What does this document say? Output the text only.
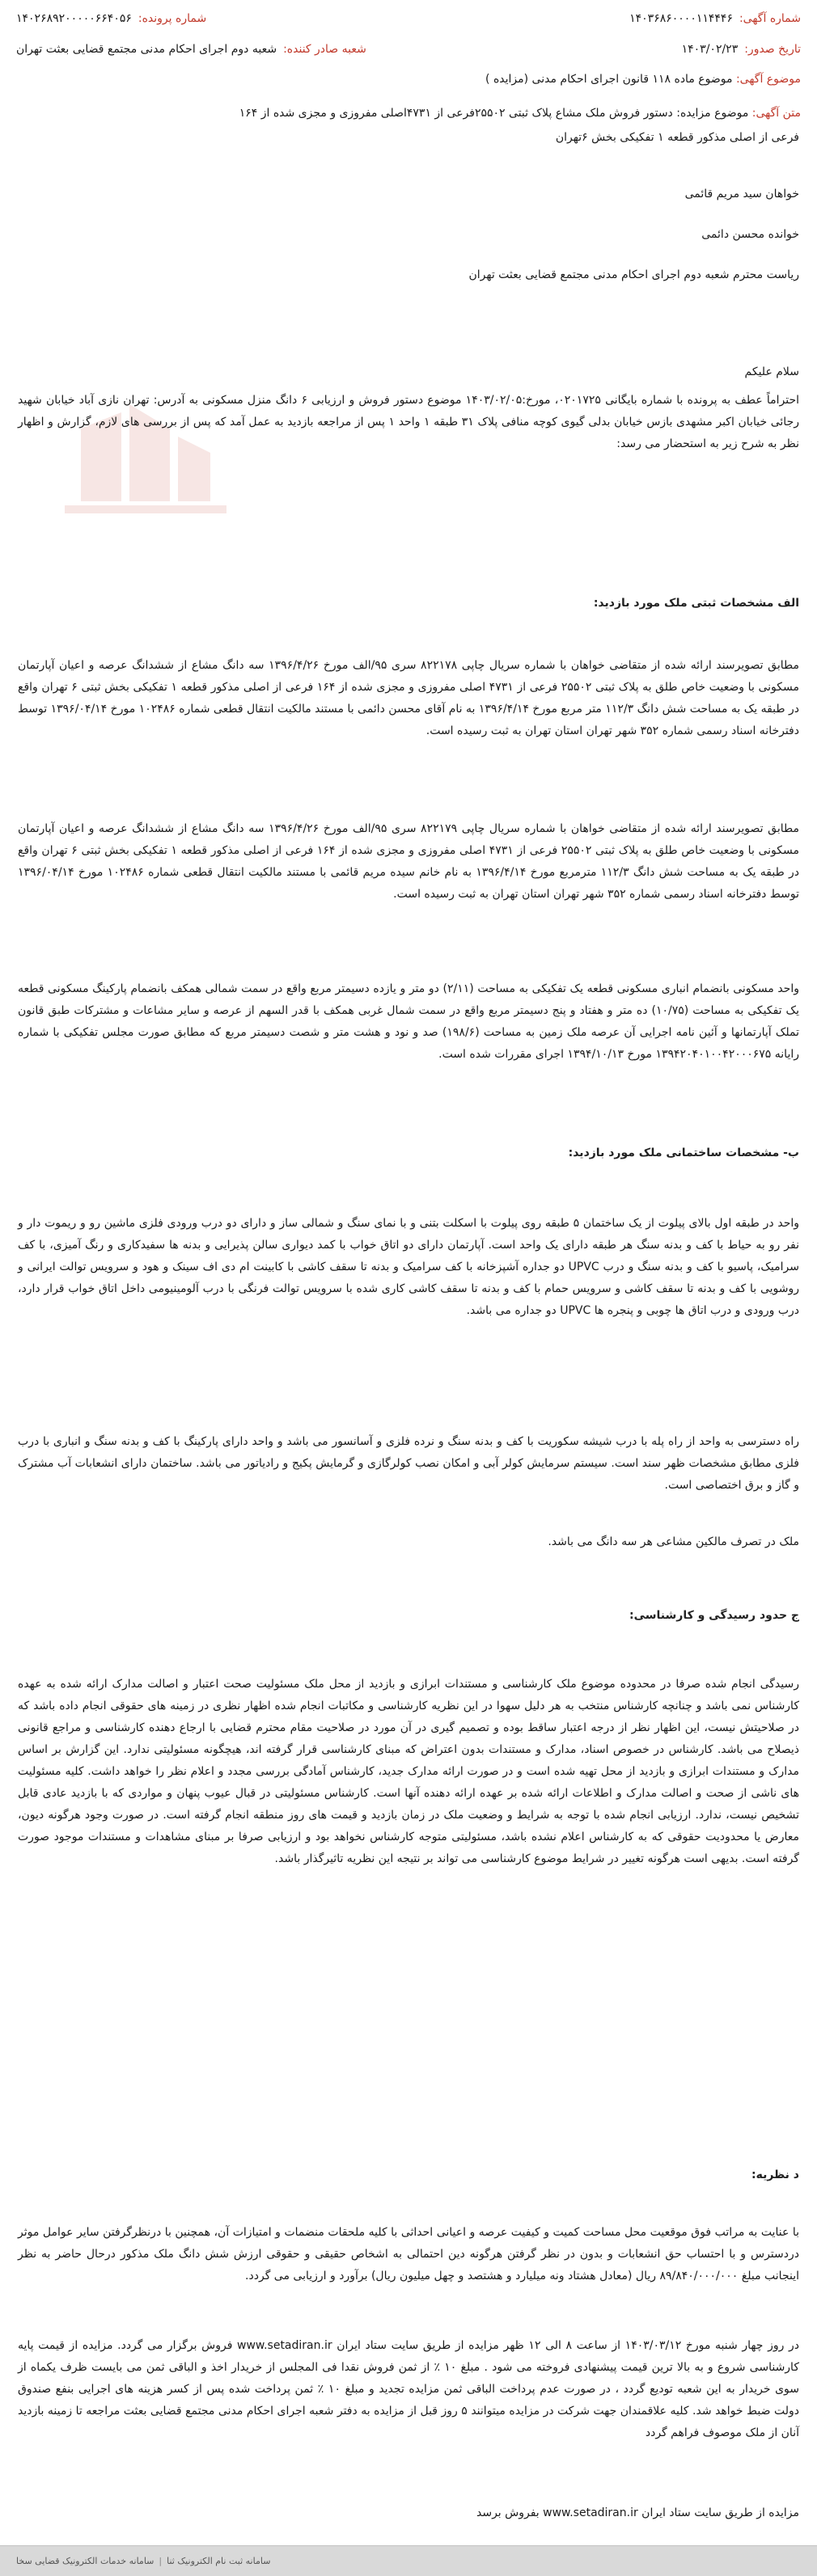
شماره آگهی:
۱۴۰۳۶۸۶۰۰۰۰۱۱۴۴۴۶
شماره پرونده:
۱۴۰۲۶۸۹۲۰۰۰۰۰۶۶۴۰۵۶
تاریخ صدور:
۱۴۰۳/۰۲/۲۳
شعبه صادر کننده:
شعبه دوم اجرای احکام مدنی مجتمع قضایی بعثت تهران
موضوع آگهی: موضوع ماده ۱۱۸ قانون اجرای احکام مدنی (مزایده )
متن آگهی: موضوع مزایده: دستور فروش ملک مشاع پلاک ثبتی ۲۵۵۰۲فرعی از ۴۷۳۱اصلی مفروزی و مجزی شده از ۱۶۴
فرعی از اصلی مذکور قطعه ۱ تفکیکی بخش ۶تهران
خواهان سید مریم قائمی
خوانده محسن دائمی
ریاست محترم شعبه دوم اجرای احکام مدنی مجتمع قضایی بعثت تهران
سلام علیکم

احتراماً عطف به پرونده با شماره بایگانی ۰۲۰۱۷۲۵، مورخ:۱۴۰۳/۰۲/۰۵ موضوع دستور فروش و ارزیابی ۶ دانگ منزل مسکونی به آدرس: تهران نازی آباد خیابان شهید رجائی خیابان اکبر مشهدی بازس خیابان بدلی گیوی کوچه منافی پلاک ۳۱ طبقه ۱ واحد ۱ پس از مراجعه بازدید به عمل آمد که پس از بررسی های لازم، گزارش و اظهار نظر به شرح زیر به استحضار می رسد:

الف مشخصات ثبتی ملک مورد بازدید:

مطابق تصویرسند ارائه شده از متقاضی خواهان با شماره سریال چاپی ۸۲۲۱۷۸ سری ۹۵/الف مورخ ۱۳۹۶/۴/۲۶ سه دانگ مشاع از ششدانگ عرصه و اعیان آپارتمان مسکونی با وضعیت خاص طلق به پلاک ثبتی ۲۵۵۰۲ فرعی از ۴۷۳۱ اصلی مفروزی و مجزی شده از ۱۶۴ فرعی از اصلی مذکور قطعه ۱ تفکیکی بخش ثبتی ۶ تهران واقع در طبقه یک به مساحت شش دانگ ۱۱۲/۳ متر مربع مورخ ۱۳۹۶/۴/۱۴ به نام آقای محسن دائمی با مستند مالکیت انتقال قطعی شماره ۱۰۲۴۸۶ مورخ ۱۳۹۶/۰۴/۱۴ توسط دفترخانه اسناد رسمی شماره ۳۵۲ شهر تهران استان تهران به ثبت رسیده است.

مطابق تصویرسند ارائه شده از متقاضی خواهان با شماره سریال چاپی ۸۲۲۱۷۹ سری ۹۵/الف مورخ ۱۳۹۶/۴/۲۶ سه دانگ مشاع از ششدانگ عرصه و اعیان آپارتمان مسکونی با وضعیت خاص طلق به پلاک ثبتی ۲۵۵۰۲ فرعی از ۴۷۳۱ اصلی مفروزی و مجزی شده از ۱۶۴ فرعی از اصلی مذکور قطعه ۱ تفکیکی بخش ثبتی ۶ تهران واقع در طبقه یک به مساحت شش دانگ ۱۱۲/۳ مترمربع مورخ ۱۳۹۶/۴/۱۴ به نام خانم سیده مریم قائمی با مستند مالکیت انتقال قطعی شماره ۱۰۲۴۸۶ مورخ ۱۳۹۶/۰۴/۱۴ توسط دفترخانه اسناد رسمی شماره ۳۵۲ شهر تهران استان تهران به ثبت رسیده است.

واحد مسکونی بانضمام انباری مسکونی قطعه یک تفکیکی به مساحت (۲/۱۱) دو متر و یازده دسیمتر مربع واقع در سمت شمالی همکف بانضمام پارکینگ مسکونی قطعه یک تفکیکی به مساحت (۱۰/۷۵) ده متر و هفتاد و پنج دسیمتر مربع واقع در سمت شمال غربی همکف با قدر السهم از عرصه و سایر مشاعات و مشترکات طبق قانون تملک آپارتمانها و آئین نامه اجرایی آن عرصه ملک زمین به مساحت (۱۹۸/۶) صد و نود و هشت متر و شصت دسیمتر مربع که مطابق صورت مجلس تفکیکی با شماره رایانه ۱۳۹۴۲۰۴۰۱۰۰۴۲۰۰۰۶۷۵ مورخ ۱۳۹۴/۱۰/۱۳ اجرای مقررات شده است.

ب- مشخصات ساختمانی ملک مورد بازدید:

واحد در طبقه اول بالای پیلوت از یک ساختمان ۵ طبقه روی پیلوت با اسکلت بتنی و با نمای سنگ و شمالی ساز و دارای دو درب ورودی فلزی ماشین رو و ریموت دار و نفر رو به حیاط با کف و بدنه سنگ هر طبقه دارای یک واحد است. آپارتمان دارای دو اتاق خواب با کمد دیواری سالن پذیرایی و بدنه ها سفیدکاری و رنگ آمیزی، با کف سرامیک، پاسیو با کف و بدنه سنگ و درب UPVC دو جداره آشپزخانه با کف سرامیک و بدنه تا سقف کاشی با کابینت ام دی اف سینک و هود و سرویس توالت ایرانی و روشویی با کف و بدنه تا سقف کاشی و سرویس حمام با کف و بدنه تا سقف کاشی کاری شده با سرویس توالت فرنگی با درب آلومینیومی داخل اتاق خواب قرار دارد، درب ورودی و درب اتاق ها چوبی و پنجره ها UPVC دو جداره می باشد.

راه دسترسی به واحد از راه پله با درب شیشه سکوریت با کف و بدنه سنگ و نرده فلزی و آسانسور می باشد و واحد دارای پارکینگ با کف و بدنه سنگ و انباری با درب فلزی مطابق مشخصات ظهر سند است. سیستم سرمایش کولر آبی و امکان نصب کولرگازی و گرمایش پکیج و رادیاتور می باشد. ساختمان دارای انشعابات آب مشترک و گاز و برق اختصاصی است.

ملک در تصرف مالکین مشاعی هر سه دانگ می باشد.

ج حدود رسیدگی و کارشناسی:

رسیدگی انجام شده صرفا در محدوده موضوع ملک کارشناسی و مستندات ابرازی و بازدید از محل ملک مسئولیت صحت اعتبار و اصالت مدارک ارائه شده به عهده کارشناس نمی باشد و چنانچه کارشناس منتخب به هر دلیل سهوا در این نظریه کارشناسی و مکاتبات انجام شده اظهار نظری در زمینه های حقوقی انجام داده باشد که در صلاحیتش نیست، این اظهار نظر از درجه اعتبار ساقط بوده و تصمیم گیری در آن مورد در صلاحیت مقام محترم قضایی با ارجاع دهنده کارشناسی و مراجع قانونی ذیصلاح می باشد. کارشناس در خصوص اسناد، مدارک و مستندات بدون اعتراض که مبنای کارشناسی قرار گرفته اند، هیچگونه مسئولیتی ندارد. این گزارش بر اساس مدارک و مستندات ابرازی و بازدید از محل تهیه شده است و در صورت ارائه مدارک جدید، کارشناس آمادگی بررسی مجدد و اعلام نظر را خواهد داشت. کلیه مسئولیت های ناشی از صحت و اصالت مدارک و اطلاعات ارائه شده بر عهده ارائه دهنده آنها است. کارشناس مسئولیتی در قبال عیوب پنهان و مواردی که با بازدید عادی قابل تشخیص نیست، ندارد. ارزیابی انجام شده با توجه به شرایط و وضعیت ملک در زمان بازدید و قیمت های روز منطقه انجام گرفته است. در صورت وجود هرگونه دیون، معارض یا محدودیت حقوقی که به کارشناس اعلام نشده باشد، مسئولیتی متوجه کارشناس نخواهد بود و ارزیابی صرفا بر مبنای مشاهدات و مستندات موجود صورت گرفته است. بدیهی است هرگونه تغییر در شرایط موضوع کارشناسی می تواند بر نتیجه این نظریه تاثیرگذار باشد.

د نظریه:

با عنایت به مراتب فوق موقعیت محل مساحت کمیت و کیفیت عرصه و اعیانی احداثی با کلیه ملحقات منضمات و امتیازات آن، همچنین با درنظرگرفتن سایر عوامل موثر دردسترس و با احتساب حق انشعابات و بدون در نظر گرفتن هرگونه دین احتمالی به اشخاص حقیقی و حقوقی ارزش شش دانگ ملک مذکور درحال حاضر به نظر اینجانب مبلغ ۸۹/۸۴۰/۰۰۰/۰۰۰ ریال (معادل هشتاد ونه میلیارد و هشتصد و چهل میلیون ریال) برآورد و ارزیابی می گردد.

در روز چهار شنبه مورخ ۱۴۰۳/۰۳/۱۲ از ساعت ۸ الی ۱۲ ظهر مزایده از طریق سایت ستاد ایران www.setadiran.ir فروش برگزار می گردد. مزایده از قیمت پایه کارشناسی شروع و به بالا ترین قیمت پیشنهادی فروخته می شود . مبلغ ۱۰ ٪ از ثمن فروش نقدا فی المجلس از خریدار اخذ و الباقی ثمن می بایست ظرف یکماه از سوی خریدار به این شعبه تودیع گردد ، در صورت عدم پرداخت الباقی ثمن مزایده تجدید و مبلغ ۱۰ ٪ ثمن پرداخت شده پس از کسر هزینه های اجرایی بنفع صندوق دولت ضبط خواهد شد. کلیه علاقمندان جهت شرکت در مزایده میتوانند ۵ روز قبل از مزایده به دفتر شعبه اجرای احکام مدنی مجتمع قضایی بعثت مراجعه تا زمینه بازدید آنان از ملک موصوف فراهم گردد

مزایده از طریق سایت ستاد ایران www.setadiran.ir بفروش برسد
سامانه ثبت نام الکترونیک ثنا
|
سامانه خدمات الکترونیک قضایی سخا
